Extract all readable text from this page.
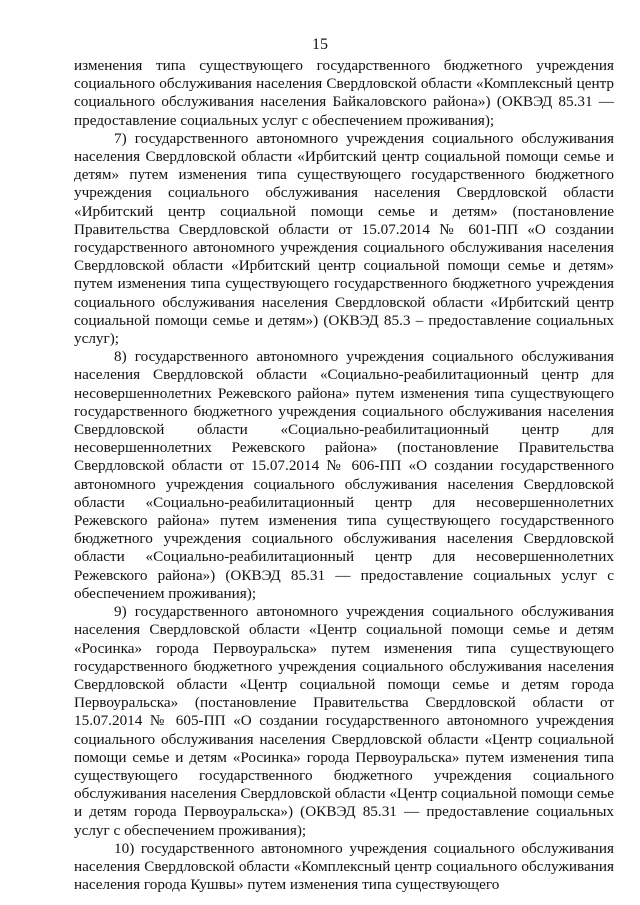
15

изменения типа существующего государственного бюджетного учреждения социального обслуживания населения Свердловской области «Комплексный центр социального обслуживания населения Байкаловского района») (ОКВЭД 85.31 — предоставление социальных услуг с обеспечением проживания);

7) государственного автономного учреждения социального обслуживания населения Свердловской области «Ирбитский центр социальной помощи семье и детям» путем изменения типа существующего государственного бюджетного учреждения социального обслуживания населения Свердловской области «Ирбитский центр социальной помощи семье и детям» (постановление Правительства Свердловской области от 15.07.2014 № 601-ПП «О создании государственного автономного учреждения социального обслуживания населения Свердловской области «Ирбитский центр социальной помощи семье и детям» путем изменения типа существующего государственного бюджетного учреждения социального обслуживания населения Свердловской области «Ирбитский центр социальной помощи семье и детям») (ОКВЭД 85.3 – предоставление социальных услуг);

8) государственного автономного учреждения социального обслуживания населения Свердловской области «Социально-реабилитационный центр для несовершеннолетних Режевского района» путем изменения типа существующего государственного бюджетного учреждения социального обслуживания населения Свердловской области «Социально-реабилитационный центр для несовершеннолетних Режевского района» (постановление Правительства Свердловской области от 15.07.2014 № 606-ПП «О создании государственного автономного учреждения социального обслуживания населения Свердловской области «Социально-реабилитационный центр для несовершеннолетних Режевского района» путем изменения типа существующего государственного бюджетного учреждения социального обслуживания населения Свердловской области «Социально-реабилитационный центр для несовершеннолетних Режевского района») (ОКВЭД 85.31 — предоставление социальных услуг с обеспечением проживания);

9) государственного автономного учреждения социального обслуживания населения Свердловской области «Центр социальной помощи семье и детям «Росинка» города Первоуральска» путем изменения типа существующего государственного бюджетного учреждения социального обслуживания населения Свердловской области «Центр социальной помощи семье и детям города Первоуральска» (постановление Правительства Свердловской области от 15.07.2014 № 605-ПП «О создании государственного автономного учреждения социального обслуживания населения Свердловской области «Центр социальной помощи семье и детям «Росинка» города Первоуральска» путем изменения типа существующего государственного бюджетного учреждения социального обслуживания населения Свердловской области «Центр социальной помощи семье и детям города Первоуральска») (ОКВЭД 85.31 — предоставление социальных услуг с обеспечением проживания);

10) государственного автономного учреждения социального обслуживания населения Свердловской области «Комплексный центр социального обслуживания населения города Кушвы» путем изменения типа существующего
